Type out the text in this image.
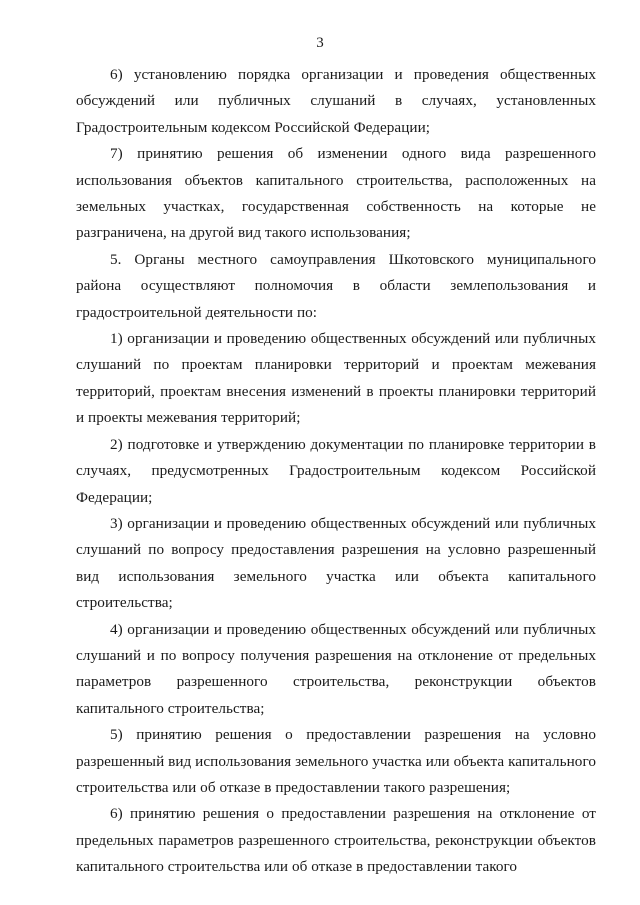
3

6) установлению порядка организации и проведения общественных обсуждений или публичных слушаний в случаях, установленных Градостроительным кодексом Российской Федерации;

7) принятию решения об изменении одного вида разрешенного использования объектов капитального строительства, расположенных на земельных участках, государственная собственность на которые не разграничена, на другой вид такого использования;

5. Органы местного самоуправления Шкотовского муниципального района осуществляют полномочия в области землепользования и градостроительной деятельности по:

1) организации и проведению общественных обсуждений или публичных слушаний по проектам планировки территорий и проектам межевания территорий, проектам внесения изменений в проекты планировки территорий и проекты межевания территорий;

2) подготовке и утверждению документации по планировке территории в случаях, предусмотренных Градостроительным кодексом Российской Федерации;

3) организации и проведению общественных обсуждений или публичных слушаний по вопросу предоставления разрешения на условно разрешенный вид использования земельного участка или объекта капитального строительства;

4) организации и проведению общественных обсуждений или публичных слушаний и по вопросу получения разрешения на отклонение от предельных параметров разрешенного строительства, реконструкции объектов капитального строительства;

5) принятию решения о предоставлении разрешения на условно разрешенный вид использования земельного участка или объекта капитального строительства или об отказе в предоставлении такого разрешения;

6) принятию решения о предоставлении разрешения на отклонение от предельных параметров разрешенного строительства, реконструкции объектов капитального строительства или об отказе в предоставлении такого
